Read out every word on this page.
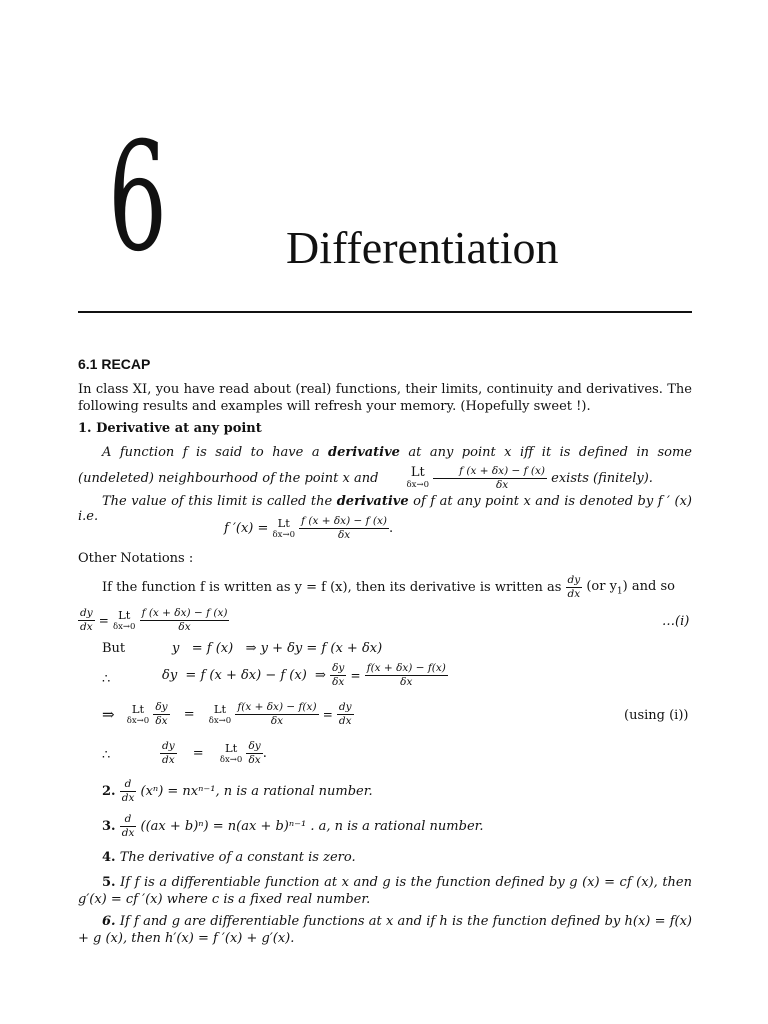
6	Differentiation
6.1 RECAP
In class XI, you have read about (real) functions, their limits, continuity and derivatives. The following results and examples will refresh your memory. (Hopefully sweet !).
1. Derivative at any point
A function f is said to have a derivative at any point x iff it is defined in some (undeleted) neighbourhood of the point x and Lt
δx→0
$\frac{f (x + \delta x) - f (x)}{\delta x}$ exists (finitely).
The value of this limit is called the derivative of f at any point x and is denoted by f ′ (x) i.e.
f ′(x) = Lt
δx→0
$\frac{f (x + \delta x) - f (x)}{\delta x}$ .
Other Notations :
If the function f is written as y = f (x), then its derivative is written as $\frac{dy}{dx} (or$ $y_1$) and so
$\frac{dy}{dx} = Lt$
δx→0
$\frac{f (x + \delta x) - f (x)}{\delta x}$	…(i)
But	y   = f (x)   ⇒ y + δy = f (x + δx)
∴	δy  = f (x + δx) − f (x)  ⇒ $\frac{\delta y}{\delta x} = \frac{f(x + \delta x) - f(x)}{\delta x}$
⇒ Lt
δx→0
$\frac{\delta y}{\delta x} = Lt$
δx→0
$\frac{f(x + \delta x) - f(x)}{\delta x} = \frac{dy}{dx}$	(using (i))
∴	$\frac{dy}{dx} = Lt$
δx→0
$\frac{\delta y}{\delta x}$ .
2. $\frac{d}{dx} (x^n) = nx^{n-1}$, n is a rational number.
3. $\frac{d}{dx} ((ax + b)^n) = n(ax + b)^{n-1}$ . a, n is a rational number.
4. The derivative of a constant is zero.
5. If f is a differentiable function at x and g is the function defined by g (x) = cf (x), then g′(x) = cf ′(x) where c is a fixed real number.
6. If f and g are differentiable functions at x and if h is the function defined by h(x) = f(x) + g (x), then h′(x) = f ′(x) + g′(x).
